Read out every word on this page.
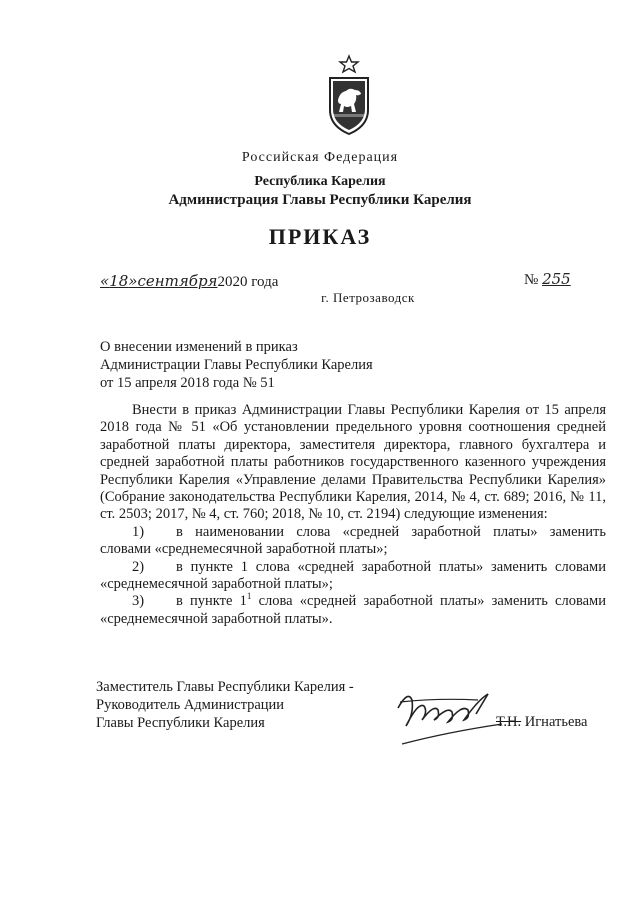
Российская Федерация
Республика Карелия
Администрация Главы Республики Карелия
ПРИКАЗ
«18»сентября2020 года	№ 255
г. Петрозаводск
О внесении изменений в приказ
Администрации Главы Республики Карелия
от 15 апреля 2018 года № 51

Внести в приказ Администрации Главы Республики Карелия от 15 апреля 2018 года № 51 «Об установлении предельного уровня соотношения средней заработной платы директора, заместителя директора, главного бухгалтера и средней заработной платы работников государственного казенного учреждения Республики Карелия «Управление делами Правительства Республики Карелия» (Собрание законодательства Республики Карелия, 2014, № 4, ст. 689; 2016, № 11, ст. 2503; 2017, № 4, ст. 760; 2018, № 10, ст. 2194) следующие изменения:

1) в наименовании слова «средней заработной платы» заменить словами «среднемесячной заработной платы»;

2) в пункте 1 слова «средней заработной платы» заменить словами «среднемесячной заработной платы»;

3) в пункте $1^1$ слова «средней заработной платы» заменить словами «среднемесячной заработной платы».

Заместитель Главы Республики Карелия -
Руководитель Администрации
Главы Республики Карелия	Т.Н. Игнатьева
